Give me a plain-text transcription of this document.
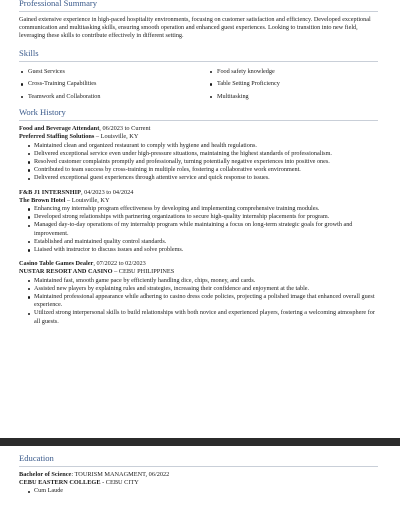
Professional Summary

Gained extensive experience in high-paced hospitality environments, focusing on customer satisfaction and efficiency. Developed exceptional communication and multitasking skills, ensuring smooth operation and enhanced guest experiences. Looking to transition into new field, leveraging these skills to contribute effectively in different setting.

Skills
Guest Services
Cross-Training Capabilities
Teamwork and Collaboration
Food safety knowledge
Table Setting Proficiency
Multitasking
Work History
Food and Beverage Attendant, 06/2023 to Current
Preferred Staffing Solutions – Louisville, KY
Maintained clean and organized restaurant to comply with hygiene and health regulations.
Delivered exceptional service even under high-pressure situations, maintaining the highest standards of professionalism.
Resolved customer complaints promptly and professionally, turning potentially negative experiences into positive ones.
Contributed to team success by cross-training in multiple roles, fostering a collaborative work environment.
Delivered exceptional guest experiences through attentive service and quick response to issues.
F&B J1 INTERSNHIP, 04/2023 to 04/2024
The Brown Hotel – Louisville, KY
Enhancing my internship program effectiveness by developing and implementing comprehensive training modules.
Developed strong relationships with partnering organizations to secure high-quality internship placements for program.
Managed day-to-day operations of my internship program while maintaining a focus on long-term strategic goals for growth and improvement.
Established and maintained quality control standards.
Liaised with instructor to discuss issues and solve problems.
Casino Table Games Dealer, 07/2022 to 02/2023
NUSTAR RESORT AND CASINO – CEBU PHILIPPINES
Maintained fast, smooth game pace by efficiently handling dice, chips, money, and cards.
Assisted new players by explaining rules and strategies, increasing their confidence and enjoyment at the table.
Maintained professional appearance while adhering to casino dress code policies, projecting a polished image that enhanced overall guest experience.
Utilized strong interpersonal skills to build relationships with both novice and experienced players, fostering a welcoming atmosphere for all guests.
Education
Bachelor of Science: TOURISM MANAGMENT, 06/2022
CEBU EASTERN COLLEGE - CEBU CITY
Cum Laude
